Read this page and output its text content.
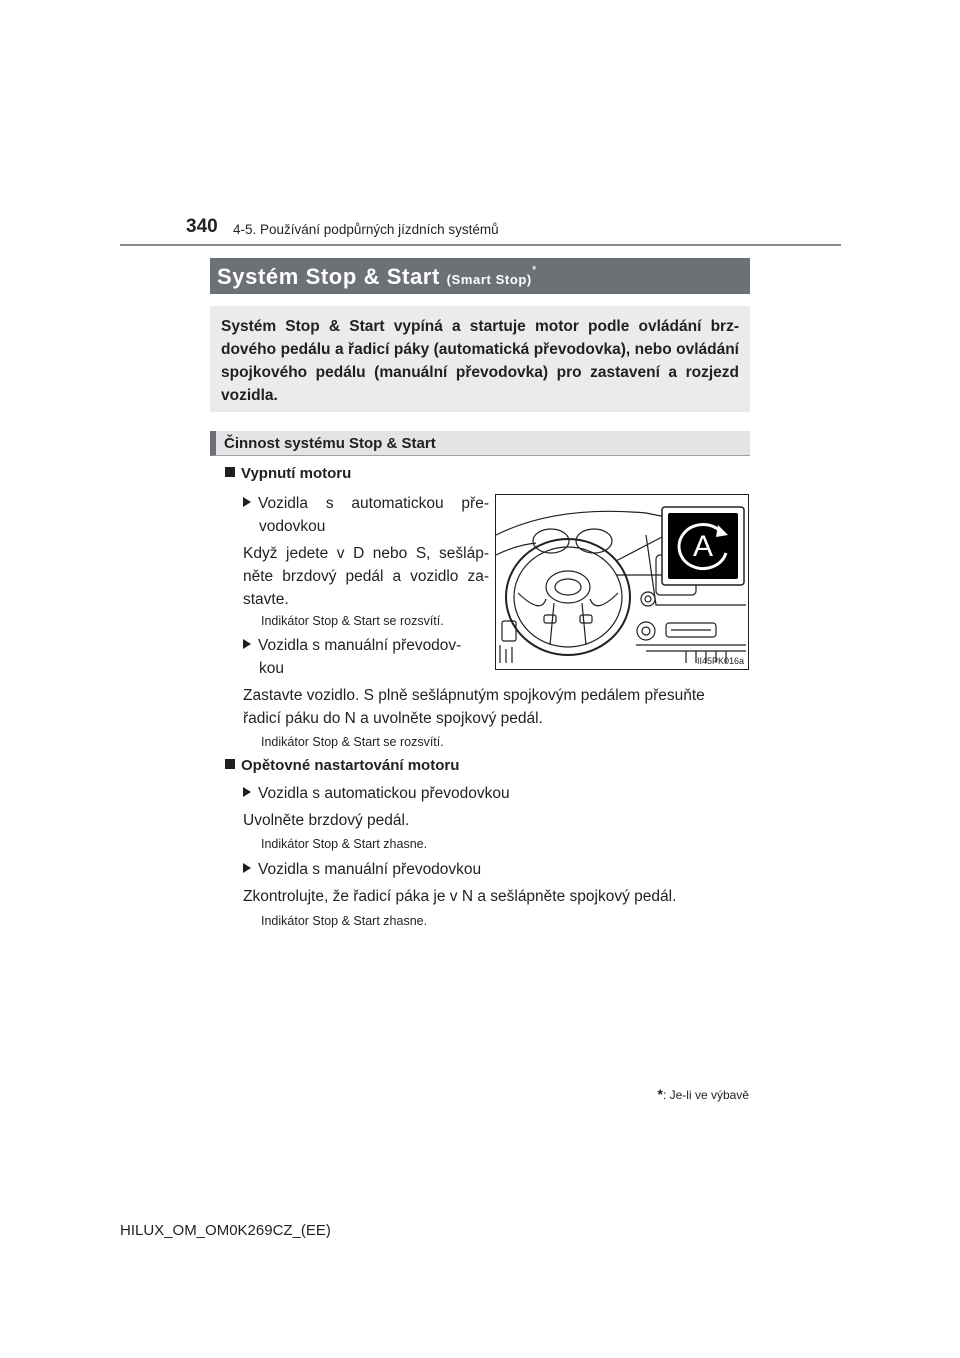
340 4-5. Používání podpůrných jízdních systémů
Systém Stop & Start (Smart Stop)*

Systém Stop & Start vypíná a startuje motor podle ovládání brzdového pedálu a řadicí páky (automatická převodovka), nebo ovládání spojkového pedálu (manuální převodovka) pro zastavení a rozjezd vozidla.

Činnost systému Stop & Start
Vypnutí motoru
Vozidla s automatickou pře-
vodovkou
Když jedete v D nebo S, sešláp-
něte brzdový pedál a vozidlo za-
stavte.
Indikátor Stop & Start se rozsvítí.
Vozidla s manuální převodov-
kou
Zastavte vozidlo. S plně sešlápnutým spojkovým pedálem přesuňte
řadicí páku do N a uvolněte spojkový pedál.
Indikátor Stop & Start se rozsvítí.
Opětovné nastartování motoru
Vozidla s automatickou převodovkou
Uvolněte brzdový pedál.
Indikátor Stop & Start zhasne.
Vozidla s manuální převodovkou
Zkontrolujte, že řadicí páka je v N a sešlápněte spojkový pedál.
Indikátor Stop & Start zhasne.
A
II45PK016a
*: Je-li ve výbavě
HILUX_OM_OM0K269CZ_(EE)
